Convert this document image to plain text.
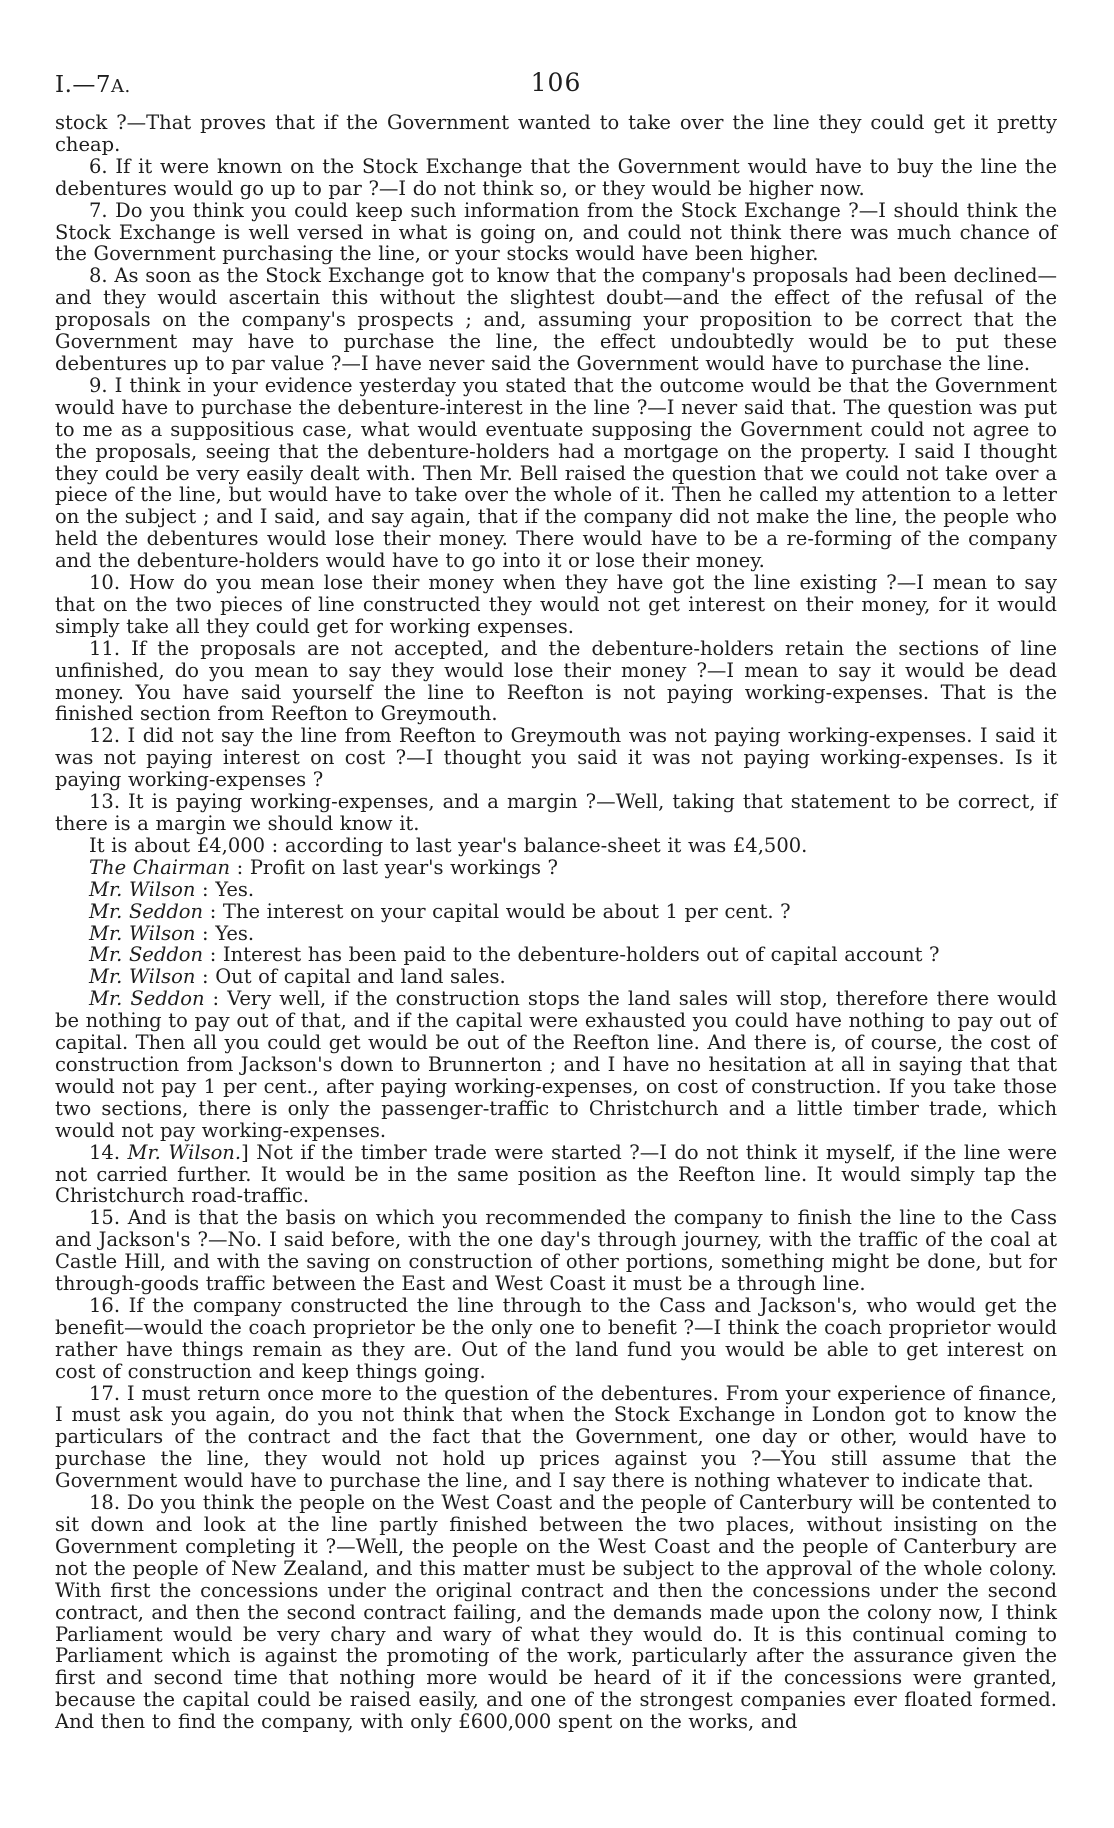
I.—7A.	106

stock ?—That proves that if the Government wanted to take over the line they could get it pretty cheap.

6. If it were known on the Stock Exchange that the Government would have to buy the line the debentures would go up to par ?—I do not think so, or they would be higher now.

7. Do you think you could keep such information from the Stock Exchange ?—I should think the Stock Exchange is well versed in what is going on, and could not think there was much chance of the Government purchasing the line, or your stocks would have been higher.

8. As soon as the Stock Exchange got to know that the company's proposals had been declined—and they would ascertain this without the slightest doubt—and the effect of the refusal of the proposals on the company's prospects ; and, assuming your proposition to be correct that the Government may have to purchase the line, the effect undoubtedly would be to put these debentures up to par value ?—I have never said the Government would have to purchase the line.

9. I think in your evidence yesterday you stated that the outcome would be that the Government would have to purchase the debenture-interest in the line ?—I never said that. The question was put to me as a suppositious case, what would eventuate supposing the Government could not agree to the proposals, seeing that the debenture-holders had a mortgage on the property. I said I thought they could be very easily dealt with. Then Mr. Bell raised the question that we could not take over a piece of the line, but would have to take over the whole of it. Then he called my attention to a letter on the subject ; and I said, and say again, that if the company did not make the line, the people who held the debentures would lose their money. There would have to be a re-forming of the company and the debenture-holders would have to go into it or lose their money.

10. How do you mean lose their money when they have got the line existing ?—I mean to say that on the two pieces of line constructed they would not get interest on their money, for it would simply take all they could get for working expenses.

11. If the proposals are not accepted, and the debenture-holders retain the sections of line unfinished, do you mean to say they would lose their money ?—I mean to say it would be dead money. You have said yourself the line to Reefton is not paying working-expenses. That is the finished section from Reefton to Greymouth.

12. I did not say the line from Reefton to Greymouth was not paying working-expenses. I said it was not paying interest on cost ?—I thought you said it was not paying working-expenses. Is it paying working-expenses ?

13. It is paying working-expenses, and a margin ?—Well, taking that statement to be correct, if there is a margin we should know it.

It is about £4,000 : according to last year's balance-sheet it was £4,500.

The Chairman : Profit on last year's workings ?

Mr. Wilson : Yes.

Mr. Seddon : The interest on your capital would be about 1 per cent. ?

Mr. Wilson : Yes.

Mr. Seddon : Interest has been paid to the debenture-holders out of capital account ?

Mr. Wilson : Out of capital and land sales.

Mr. Seddon : Very well, if the construction stops the land sales will stop, therefore there would be nothing to pay out of that, and if the capital were exhausted you could have nothing to pay out of capital. Then all you could get would be out of the Reefton line. And there is, of course, the cost of construction from Jackson's down to Brunnerton ; and I have no hesitation at all in saying that that would not pay 1 per cent., after paying working-expenses, on cost of construction. If you take those two sections, there is only the passenger-traffic to Christchurch and a little timber trade, which would not pay working-expenses.

14. Mr. Wilson.] Not if the timber trade were started ?—I do not think it myself, if the line were not carried further. It would be in the same position as the Reefton line. It would simply tap the Christchurch road-traffic.

15. And is that the basis on which you recommended the company to finish the line to the Cass and Jackson's ?—No. I said before, with the one day's through journey, with the traffic of the coal at Castle Hill, and with the saving on construction of other portions, something might be done, but for through-goods traffic between the East and West Coast it must be a through line.

16. If the company constructed the line through to the Cass and Jackson's, who would get the benefit—would the coach proprietor be the only one to benefit ?—I think the coach proprietor would rather have things remain as they are. Out of the land fund you would be able to get interest on cost of construction and keep things going.

17. I must return once more to the question of the debentures. From your experience of finance, I must ask you again, do you not think that when the Stock Exchange in London got to know the particulars of the contract and the fact that the Government, one day or other, would have to purchase the line, they would not hold up prices against you ?—You still assume that the Government would have to purchase the line, and I say there is nothing whatever to indicate that.

18. Do you think the people on the West Coast and the people of Canterbury will be contented to sit down and look at the line partly finished between the two places, without insisting on the Government completing it ?—Well, the people on the West Coast and the people of Canterbury are not the people of New Zealand, and this matter must be subject to the approval of the whole colony. With first the concessions under the original contract and then the concessions under the second contract, and then the second contract failing, and the demands made upon the colony now, I think Parliament would be very chary and wary of what they would do. It is this continual coming to Parliament which is against the promoting of the work, particularly after the assurance given the first and second time that nothing more would be heard of it if the concessions were granted, because the capital could be raised easily, and one of the strongest companies ever floated formed. And then to find the company, with only £600,000 spent on the works, and
